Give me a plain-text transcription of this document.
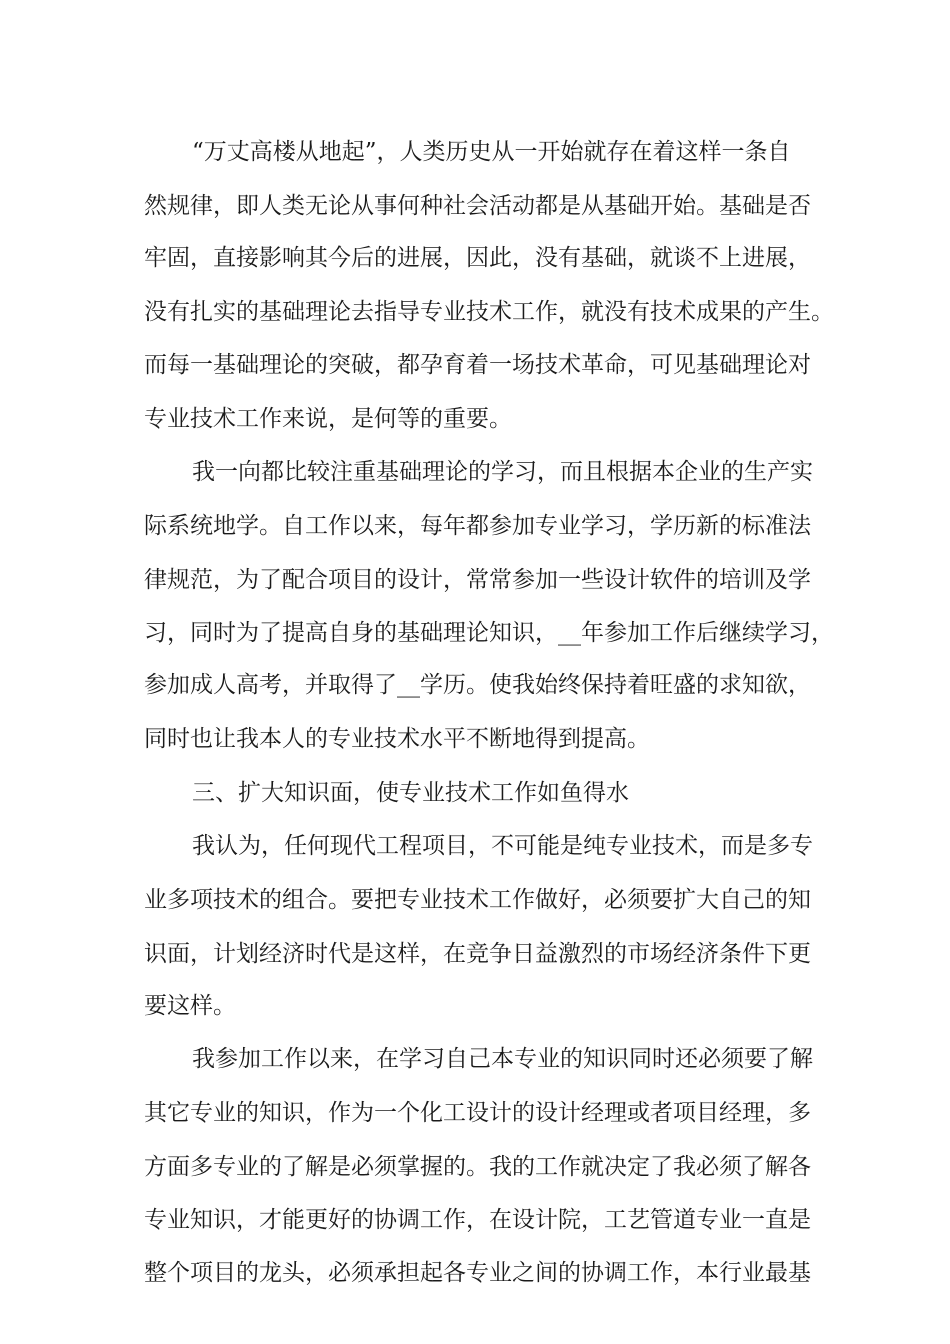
“万丈高楼从地起”，人类历史从一开始就存在着这样一条自
然规律，即人类无论从事何种社会活动都是从基础开始。基础是否
牢固，直接影响其今后的进展，因此，没有基础，就谈不上进展，
没有扎实的基础理论去指导专业技术工作，就没有技术成果的产生。
而每一基础理论的突破，都孕育着一场技术革命，可见基础理论对
专业技术工作来说，是何等的重要。
我一向都比较注重基础理论的学习，而且根据本企业的生产实
际系统地学。自工作以来，每年都参加专业学习，学历新的标准法
律规范，为了配合项目的设计，常常参加一些设计软件的培训及学
习，同时为了提高自身的基础理论知识，__年参加工作后继续学习，
参加成人高考，并取得了__学历。使我始终保持着旺盛的求知欲，
同时也让我本人的专业技术水平不断地得到提高。
三、扩大知识面，使专业技术工作如鱼得水
我认为，任何现代工程项目，不可能是纯专业技术，而是多专
业多项技术的组合。要把专业技术工作做好，必须要扩大自己的知
识面，计划经济时代是这样，在竞争日益激烈的市场经济条件下更
要这样。
我参加工作以来，在学习自己本专业的知识同时还必须要了解
其它专业的知识，作为一个化工设计的设计经理或者项目经理，多
方面多专业的了解是必须掌握的。我的工作就决定了我必须了解各
专业知识，才能更好的协调工作，在设计院，工艺管道专业一直是
整个项目的龙头，必须承担起各专业之间的协调工作，本行业最基
